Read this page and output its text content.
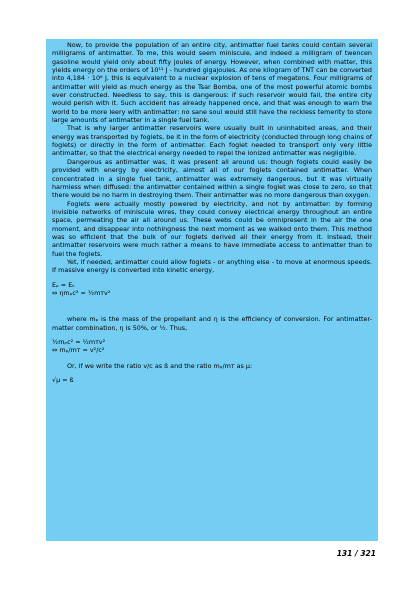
Now, to provide the population of an entire city, antimatter fuel tanks could contain several milligrams of antimatter. To me, this would seem miniscule, and indeed a milligram of twencen gasoline would yield only about fifty joules of energy. However, when combined with matter, this yields energy on the orders of 10¹¹ J - hundred gigajoules. As one kilogram of TNT can be converted into 4,184 · 10⁶ J, this is equivalent to a nuclear explosion of tens of megatons. Four milligrams of antimatter will yield as much energy as the Tsar Bomba, one of the most powerful atomic bombs ever constructed. Needless to say, this is dangerous: if such reservoir would fail, the entire city would perish with it. Such accident has already happened once, and that was enough to warn the world to be more leery with antimatter: no sane soul would still have the reckless temerity to store large amounts of antimatter in a single fuel tank.

That is why larger antimatter reservoirs were usually built in uninhabited areas, and their energy was transported by foglets, be it in the form of electricity (conducted through long chains of foglets) or directly in the form of antimatter. Each foglet needed to transport only very little antimatter, so that the electrical energy needed to repel the ionized antimatter was negligible.

Dangerous as antimatter was, it was present all around us: though foglets could easily be provided with energy by electricity, almost all of our foglets contained antimatter. When concentrated in a single fuel tank, antimatter was extremely dangerous, but it was virtually harmless when diffused: the antimatter contained within a single foglet was close to zero, so that there would be no harm in destroying them. Their antimatter was no more dangerous than oxygen.

Foglets were actually mostly powered by electricity, and not by antimatter: by forming invisible networks of miniscule wires, they could convey electrical energy throughout an entire space, permeating the air all around us. These webs could be omnipresent in the air the one moment, and disappear into nothingness the next moment as we walked onto them. This method was so efficient that the bulk of our foglets derived all their energy from it. Instead, their antimatter reservoirs were much rather a means to have immediate access to antimatter than to fuel the foglets.

Yet, if needed, antimatter could allow foglets - or anything else - to move at enormous speeds. If massive energy is converted into kinetic energy,

Eₚ = Eₖ

⇔ ηmₚc² = ½mᴛv²

where mₚ is the mass of the propellant and η is the efficiency of conversion. For antimatter-matter combination, η is 50%, or ½. Thus,

½mₚc² = ½mᴛv²

⇔ mₚ/mᴛ = v²/c²

Or, if we write the ratio v/c as ß and the ratio mₚ/mᴛ as µ:

√µ = ß

131 / 321
